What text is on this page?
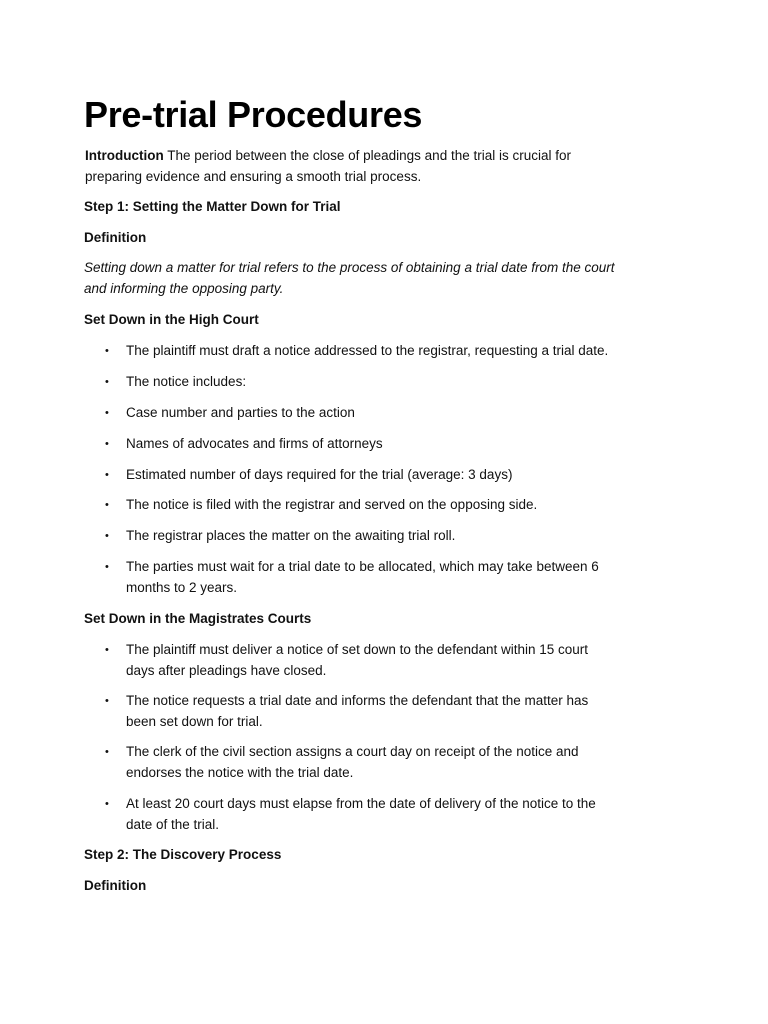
Pre-trial Procedures

Introduction The period between the close of pleadings and the trial is crucial for preparing evidence and ensuring a smooth trial process.

Step 1: Setting the Matter Down for Trial

Definition

Setting down a matter for trial refers to the process of obtaining a trial date from the court and informing the opposing party.

Set Down in the High Court

• The plaintiff must draft a notice addressed to the registrar, requesting a trial date.
• The notice includes:
• Case number and parties to the action
• Names of advocates and firms of attorneys
• Estimated number of days required for the trial (average: 3 days)
• The notice is filed with the registrar and served on the opposing side.
• The registrar places the matter on the awaiting trial roll.
• The parties must wait for a trial date to be allocated, which may take between 6 months to 2 years.

Set Down in the Magistrates Courts

• The plaintiff must deliver a notice of set down to the defendant within 15 court days after pleadings have closed.
• The notice requests a trial date and informs the defendant that the matter has been set down for trial.
• The clerk of the civil section assigns a court day on receipt of the notice and endorses the notice with the trial date.
• At least 20 court days must elapse from the date of delivery of the notice to the date of the trial.

Step 2: The Discovery Process

Definition
